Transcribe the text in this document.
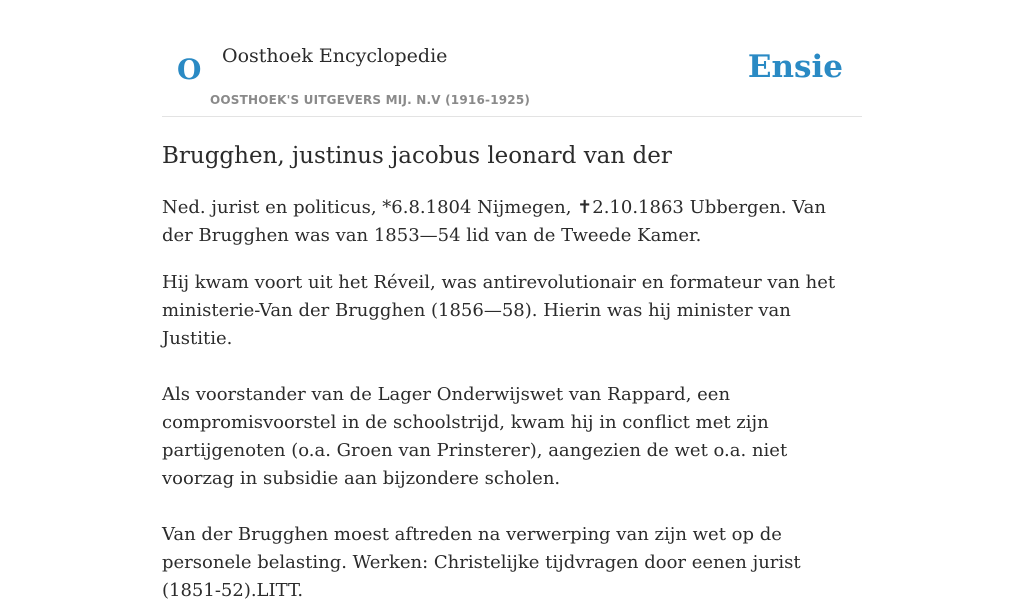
O Oosthoek Encyclopedie
OOSTHOEK'S UITGEVERS MIJ. N.V (1916-1925)
Ensie
Brugghen, justinus jacobus leonard van der

Ned. jurist en politicus, *6.8.1804 Nijmegen, ✝2.10.1863 Ubbergen. Van der Brugghen was van 1853—54 lid van de Tweede Kamer.

Hij kwam voort uit het Réveil, was antirevolutionair en formateur van het ministerie-Van der Brugghen (1856—58). Hierin was hij minister van Justitie.

Als voorstander van de Lager Onderwijswet van Rappard, een compromisvoorstel in de schoolstrijd, kwam hij in conflict met zijn partijgenoten (o.a. Groen van Prinsterer), aangezien de wet o.a. niet voorzag in subsidie aan bijzondere scholen.

Van der Brugghen moest aftreden na verwerping van zijn wet op de personele belasting. Werken: Christelijke tijdvragen door eenen jurist (1851-52).LITT.
